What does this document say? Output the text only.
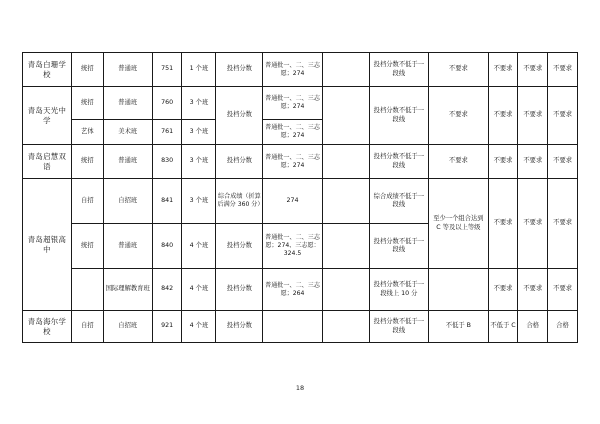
青岛白珊学校	统招	普通班	751	1 个班	投档分数	普通批一、二、三志愿；274		投档分数不低于一段线	不要求	不要求	不要求	不要求
青岛天光中学	统招	普通班	760	3 个班	投档分数	普通批一、二、三志愿；274		投档分数不低于一段线	不要求	不要求	不要求	不要求
	艺体	美术班	761	3 个班		普通批一、二、三志愿；274						
青岛启慧双语	统招	普通班	830	3 个班	投档分数	普通批一、二、三志愿；274		投档分数不低于一段线	不要求	不要求	不要求	不要求
青岛超银高中	自招	自招班	841	3 个班	综合成绩（折算后满分 360 分）	274		综合成绩不低于一段线	至少一个组合达到 C 等及以上等级	不要求	不要求	不要求
	统招	普通班	840	4 个班	投档分数	普通批一、二、三志愿；274、三志愿：324.5		投档分数不低于一段线				
		国际理解教育班	842	4 个班	投档分数	普通批一、二、三志愿；264		投档分数不低于一段线上 10 分		不要求	不要求	不要求
青岛海尔学校	自招	自招班	921	4 个班	投档分数			投档分数不低于一段线	不低于 B	不低于 C	合格	合格
18
